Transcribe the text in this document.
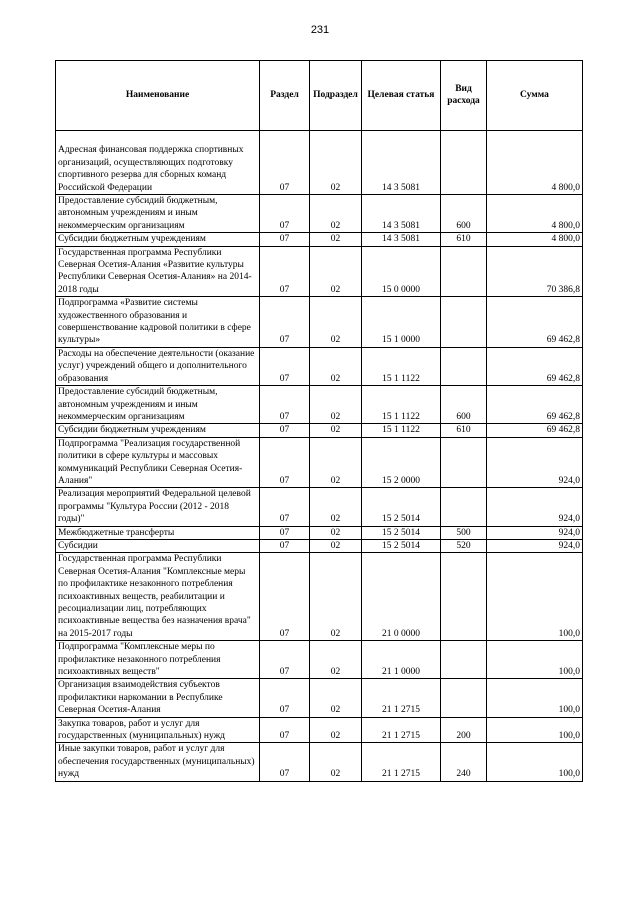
231
Наименование	Раздел	Подраздел	Целевая статья	Вид расхода	Сумма
Адресная финансовая поддержка спортивных организаций, осуществляющих подготовку спортивного резерва для сборных команд Российской Федерации	07	02	14 3 5081		4 800,0
Предоставление субсидий бюджетным, автономным учреждениям и иным некоммерческим организациям	07	02	14 3 5081	600	4 800,0
Субсидии бюджетным учреждениям	07	02	14 3 5081	610	4 800,0
Государственная программа Республики Северная Осетия-Алания «Развитие культуры Республики Северная Осетия-Алания» на 2014-2018 годы	07	02	15 0 0000		70 386,8
Подпрограмма «Развитие системы художественного образования и совершенствование кадровой политики в сфере культуры»	07	02	15 1 0000		69 462,8
Расходы на обеспечение деятельности (оказание услуг) учреждений общего и дополнительного образования	07	02	15 1 1122		69 462,8
Предоставление субсидий бюджетным, автономным учреждениям и иным некоммерческим организациям	07	02	15 1 1122	600	69 462,8
Субсидии бюджетным учреждениям	07	02	15 1 1122	610	69 462,8
Подпрограмма "Реализация государственной политики в сфере культуры и массовых коммуникаций Республики Северная Осетия-Алания"	07	02	15 2 0000		924,0
Реализация мероприятий Федеральной целевой программы "Культура России (2012 - 2018 годы)"	07	02	15 2 5014		924,0
Межбюджетные трансферты	07	02	15 2 5014	500	924,0
Субсидии	07	02	15 2 5014	520	924,0
Государственная программа Республики Северная Осетия-Алания "Комплексные меры по профилактике незаконного потребления психоактивных веществ, реабилитации и ресоциализации лиц, потребляющих психоактивные вещества без назначения врача" на 2015-2017 годы	07	02	21 0 0000		100,0
Подпрограмма "Комплексные меры по профилактике незаконного потребления психоактивных веществ"	07	02	21 1 0000		100,0
Организация взаимодействия субъектов профилактики наркомании в Республике Северная Осетия-Алания	07	02	21 1 2715		100,0
Закупка товаров, работ и услуг для государственных (муниципальных) нужд	07	02	21 1 2715	200	100,0
Иные закупки товаров, работ и услуг для обеспечения государственных (муниципальных) нужд	07	02	21 1 2715	240	100,0
